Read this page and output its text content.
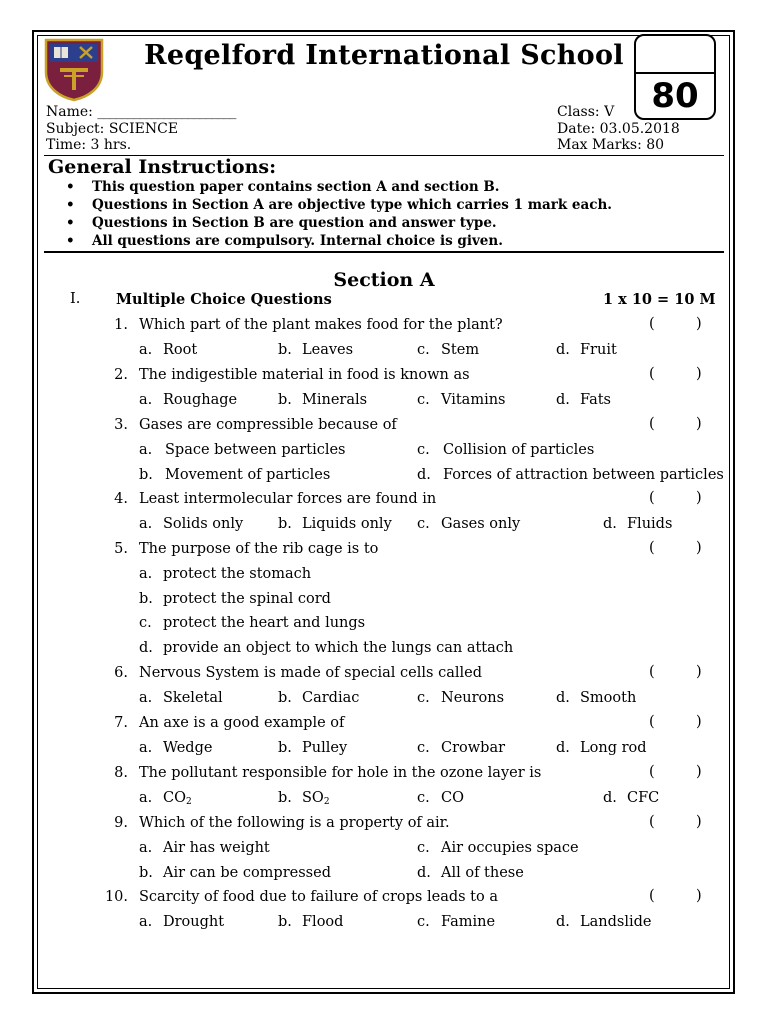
Reqelford International School
80
Name: _______________________
Subject: SCIENCE
Time: 3 hrs.
Class: V
Date: 03.05.2018
Max Marks: 80
General Instructions:
• This question paper contains section A and section B.
• Questions in Section A are objective type which carries 1 mark each.
• Questions in Section B are question and answer type.
• All questions are compulsory. Internal choice is given.
Section A
I. Multiple Choice Questions	1 x 10 = 10 M
1. Which part of the plant makes food for the plant?	(	)
a. Root	b. Leaves	c. Stem	d. Fruit
2. The indigestible material in food is known as	(	)
a. Roughage	b. Minerals	c. Vitamins	d. Fats
3. Gases are compressible because of	(	)
a. Space between particles	c. Collision of particles
b. Movement of particles	d. Forces of attraction between particles
4. Least intermolecular forces are found in	(	)
a. Solids only b. Liquids only c. Gases only	d. Fluids
5. The purpose of the rib cage is to	(	)
a. protect the stomach
b. protect the spinal cord
c. protect the heart and lungs
d. provide an object to which the lungs can attach
6. Nervous System is made of special cells called	(	)
a. Skeletal	b. Cardiac	c. Neurons	d. Smooth
7. An axe is a good example of	(	)
a. Wedge	b. Pulley	c. Crowbar	d. Long rod
8. The pollutant responsible for hole in the ozone layer is	(	)
a. $CO_2$	b. $SO_2$	c. CO	d. CFC
9. Which of the following is a property of air.	(	)
a. Air has weight	c. Air occupies space
b. Air can be compressed	d. All of these
10. Scarcity of food due to failure of crops leads to a	(	)
a. Drought	b. Flood	c. Famine	d. Landslide
